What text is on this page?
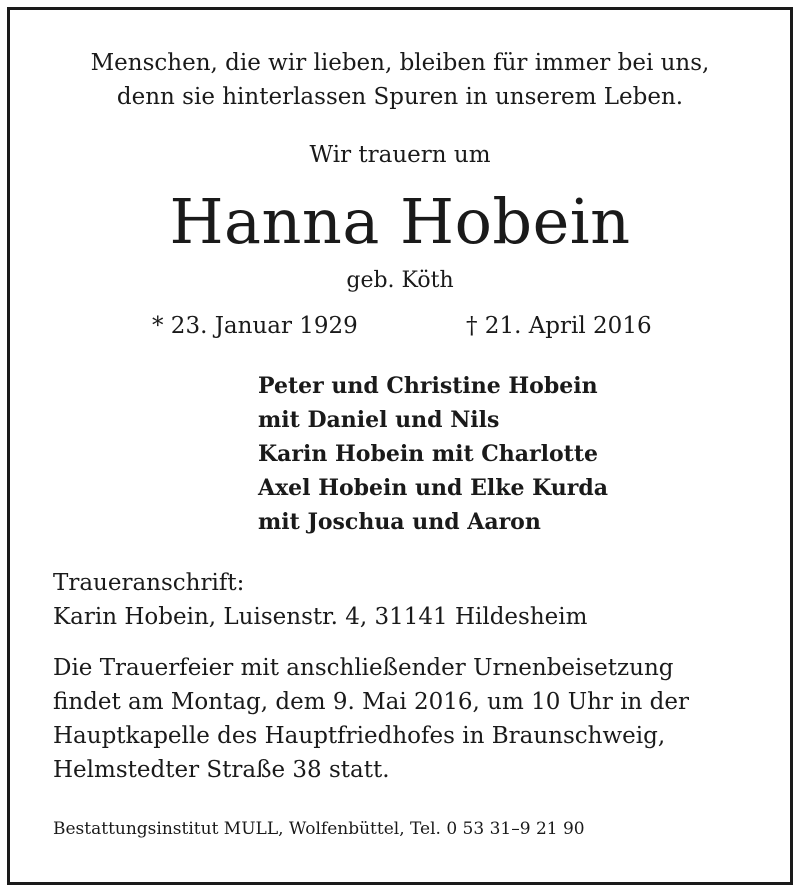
Menschen, die wir lieben, bleiben für immer bei uns,
denn sie hinterlassen Spuren in unserem Leben.
Wir trauern um
Hanna Hobein
geb. Köth
* 23. Januar 1929	† 21. April 2016
Peter und Christine Hobein
mit Daniel und Nils
Karin Hobein mit Charlotte
Axel Hobein und Elke Kurda
mit Joschua und Aaron
Traueranschrift:
Karin Hobein, Luisenstr. 4, 31141 Hildesheim
Die Trauerfeier mit anschließender Urnenbeisetzung
findet am Montag, dem 9. Mai 2016, um 10 Uhr in der
Hauptkapelle des Hauptfriedhofes in Braunschweig,
Helmstedter Straße 38 statt.
Bestattungsinstitut MULL, Wolfenbüttel, Tel. 0 53 31–9 21 90
